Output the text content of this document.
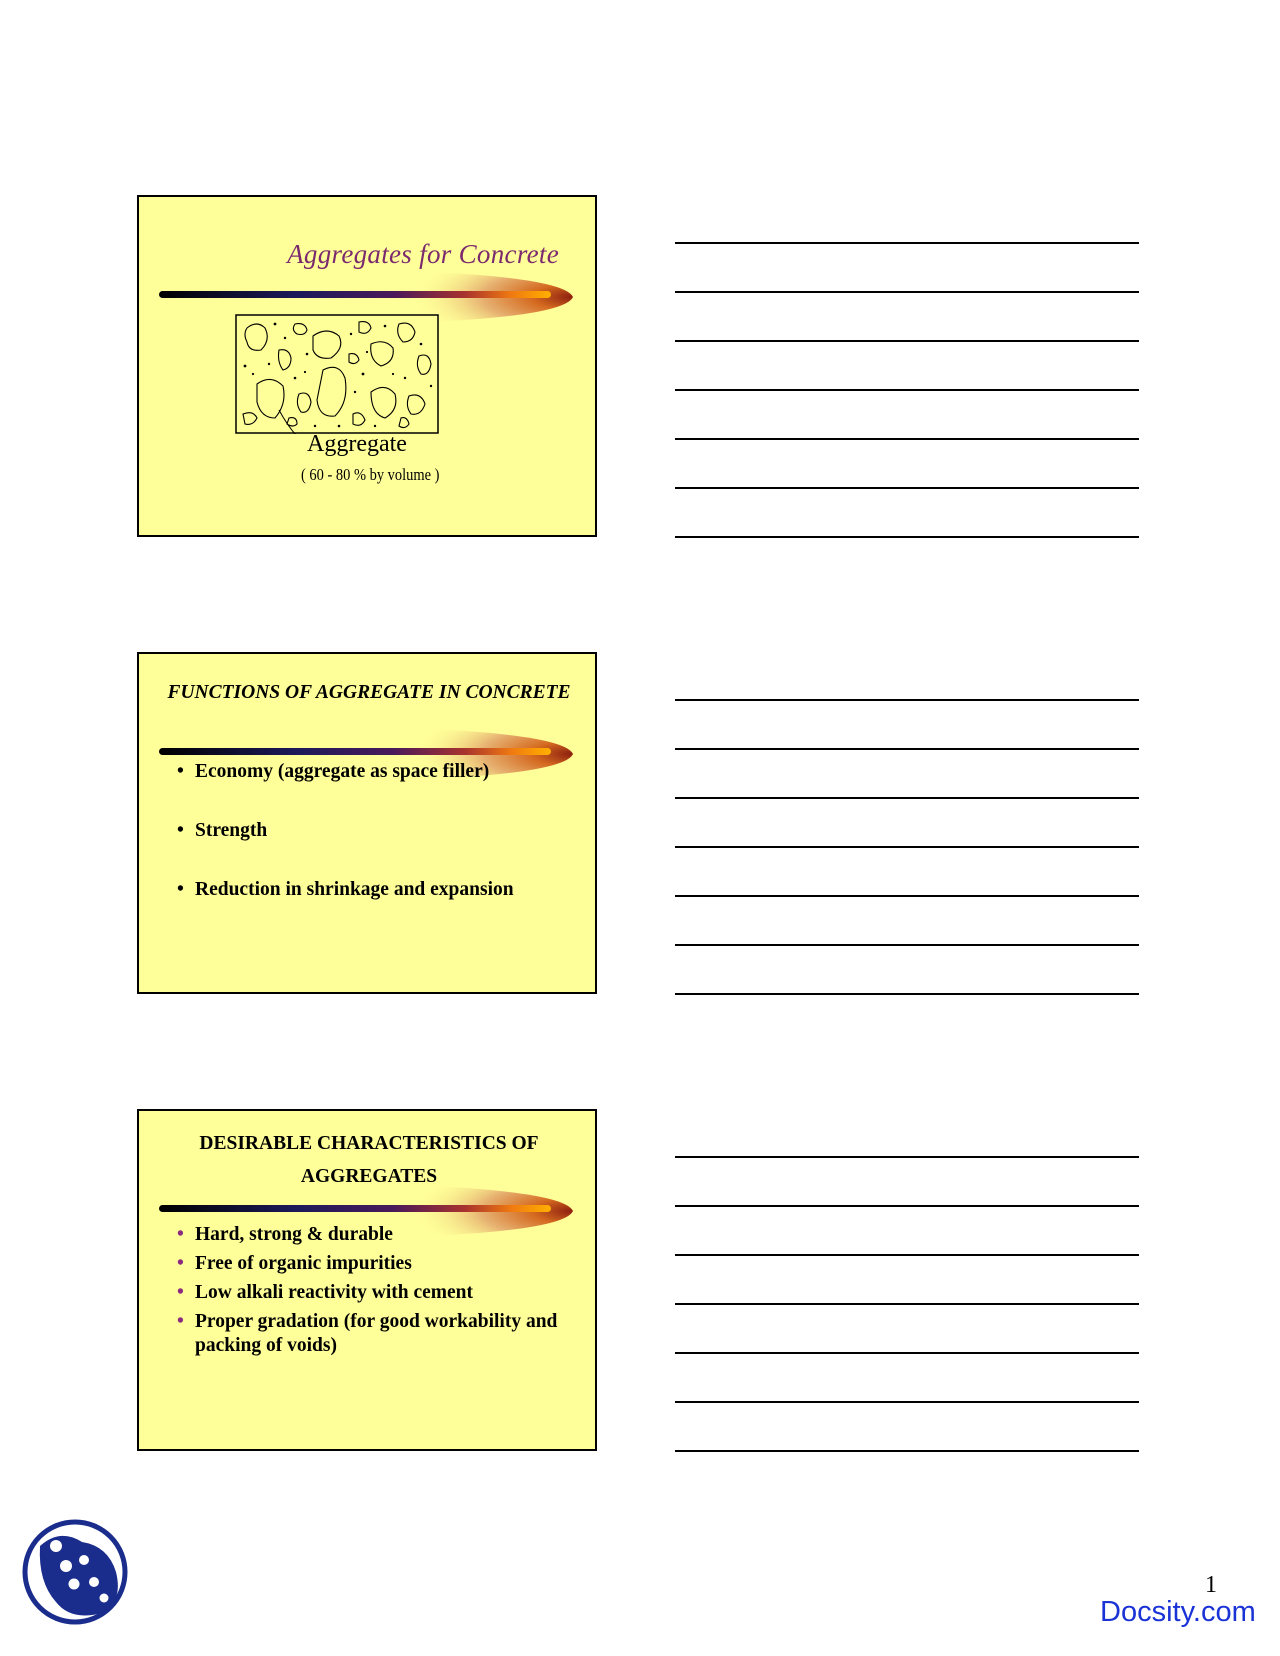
Aggregates for Concrete
Aggregate
( 60 - 80 % by volume )
FUNCTIONS OF AGGREGATE IN CONCRETE
• Economy (aggregate as space filler)
• Strength
• Reduction in shrinkage and expansion
DESIRABLE CHARACTERISTICS OF AGGREGATES
• Hard, strong & durable
• Free of organic impurities
• Low alkali reactivity with cement
• Proper gradation (for good workability and packing of voids)
1
Docsity.com
